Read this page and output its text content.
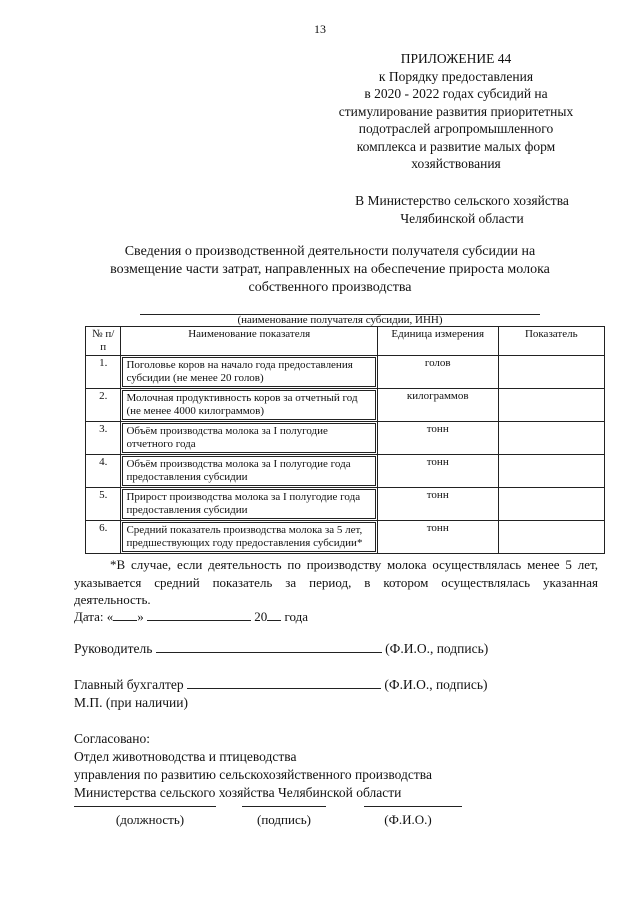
13
ПРИЛОЖЕНИЕ 44
к Порядку предоставления
в 2020 - 2022 годах субсидий на
стимулирование развития приоритетных
подотраслей агропромышленного
комплекса и развитие малых форм
хозяйствования
В Министерство сельского хозяйства
Челябинской области
Сведения о производственной деятельности получателя субсидии на
возмещение части затрат, направленных на обеспечение прироста молока
собственного производства
(наименование получателя субсидии, ИНН)
№ п/п	Наименование показателя	Единица измерения	Показатель
1.	Поголовье коров на начало года предоставления субсидии (не менее 20 голов)	голов	
2.	Молочная продуктивность коров за отчетный год (не менее 4000 килограммов)	килограммов	
3.	Объём производства молока за I полугодие отчетного года	тонн	
4.	Объём производства молока за I полугодие года предоставления субсидии	тонн	
5.	Прирост производства молока за I полугодие года предоставления субсидии	тонн	
6.	Средний показатель производства молока за 5 лет, предшествующих году предоставления субсидии*	тонн	
*В случае, если деятельность по производству молока осуществлялась менее 5 лет, указывается средний показатель за период, в котором осуществлялась указанная деятельность.
Дата: « »	20 года
Руководитель	(Ф.И.О., подпись)
Главный бухгалтер	(Ф.И.О., подпись)
М.П. (при наличии)
Согласовано:
Отдел животноводства и птицеводства
управления по развитию сельскохозяйственного производства
Министерства сельского хозяйства Челябинской области
(должность)	(подпись)	(Ф.И.О.)
